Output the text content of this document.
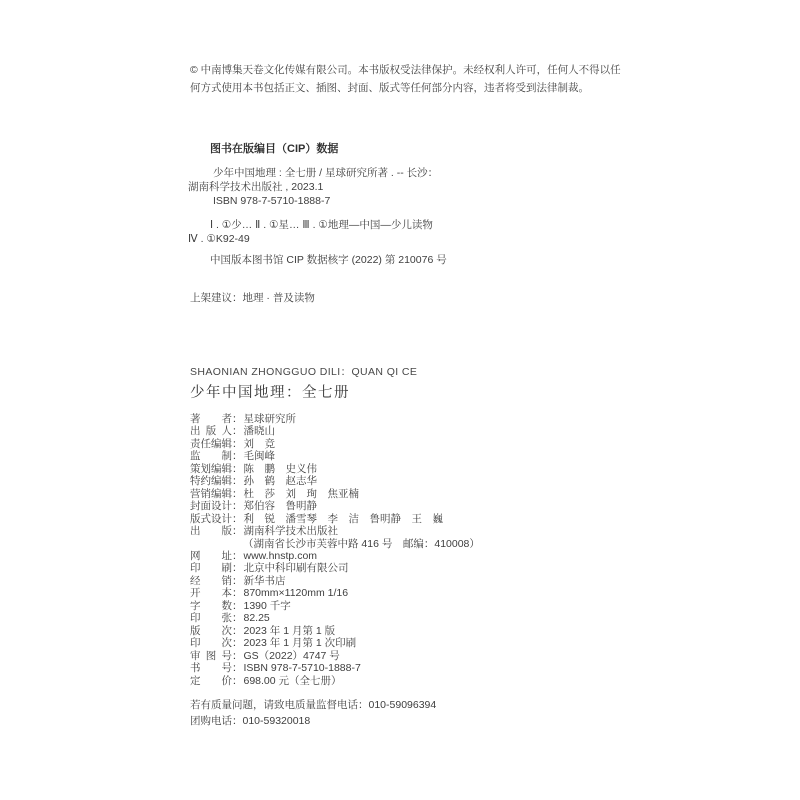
© 中南博集天卷文化传媒有限公司。本书版权受法律保护。未经权利人许可，任何人不得以任何方式使用本书包括正文、插图、封面、版式等任何部分内容，违者将受到法律制裁。
图书在版编目（CIP）数据
少年中国地理 : 全七册 / 星球研究所著 . -- 长沙：
湖南科学技术出版社 , 2023.1
ISBN 978-7-5710-1888-7
Ⅰ . ①少… Ⅱ . ①星… Ⅲ . ①地理—中国—少儿读物
Ⅳ . ①K92-49
中国版本图书馆 CIP 数据核字 (2022) 第 210076 号
上架建议：地理 · 普及读物
SHAONIAN ZHONGGUO DILI：QUAN QI CE
少年中国地理：全七册
著者 ： 星球研究所
出版人 ： 潘晓山
责任编辑 ： 刘　竞
监制 ： 毛闽峰
策划编辑 ： 陈　鹏　史义伟
特约编辑 ： 孙　鹤　赵志华
营销编辑 ： 杜　莎　刘　珣　焦亚楠
封面设计 ： 郑伯容　鲁明静
版式设计 ： 利　锐　潘雪琴　李　洁　鲁明静　王　巍
出版 ： 湖南科学技术出版社
（湖南省长沙市芙蓉中路 416 号　邮编：410008）
网址 ： www.hnstp.com
印刷 ： 北京中科印刷有限公司
经销 ： 新华书店
开本 ： 870mm×1120mm 1/16
字数 ： 1390 千字
印张 ： 82.25
版次 ： 2023 年 1 月第 1 版
印次 ： 2023 年 1 月第 1 次印刷
审图号 ： GS（2022）4747 号
书号 ： ISBN 978-7-5710-1888-7
定价 ： 698.00 元（全七册）
若有质量问题，请致电质量监督电话：010-59096394
团购电话：010-59320018
